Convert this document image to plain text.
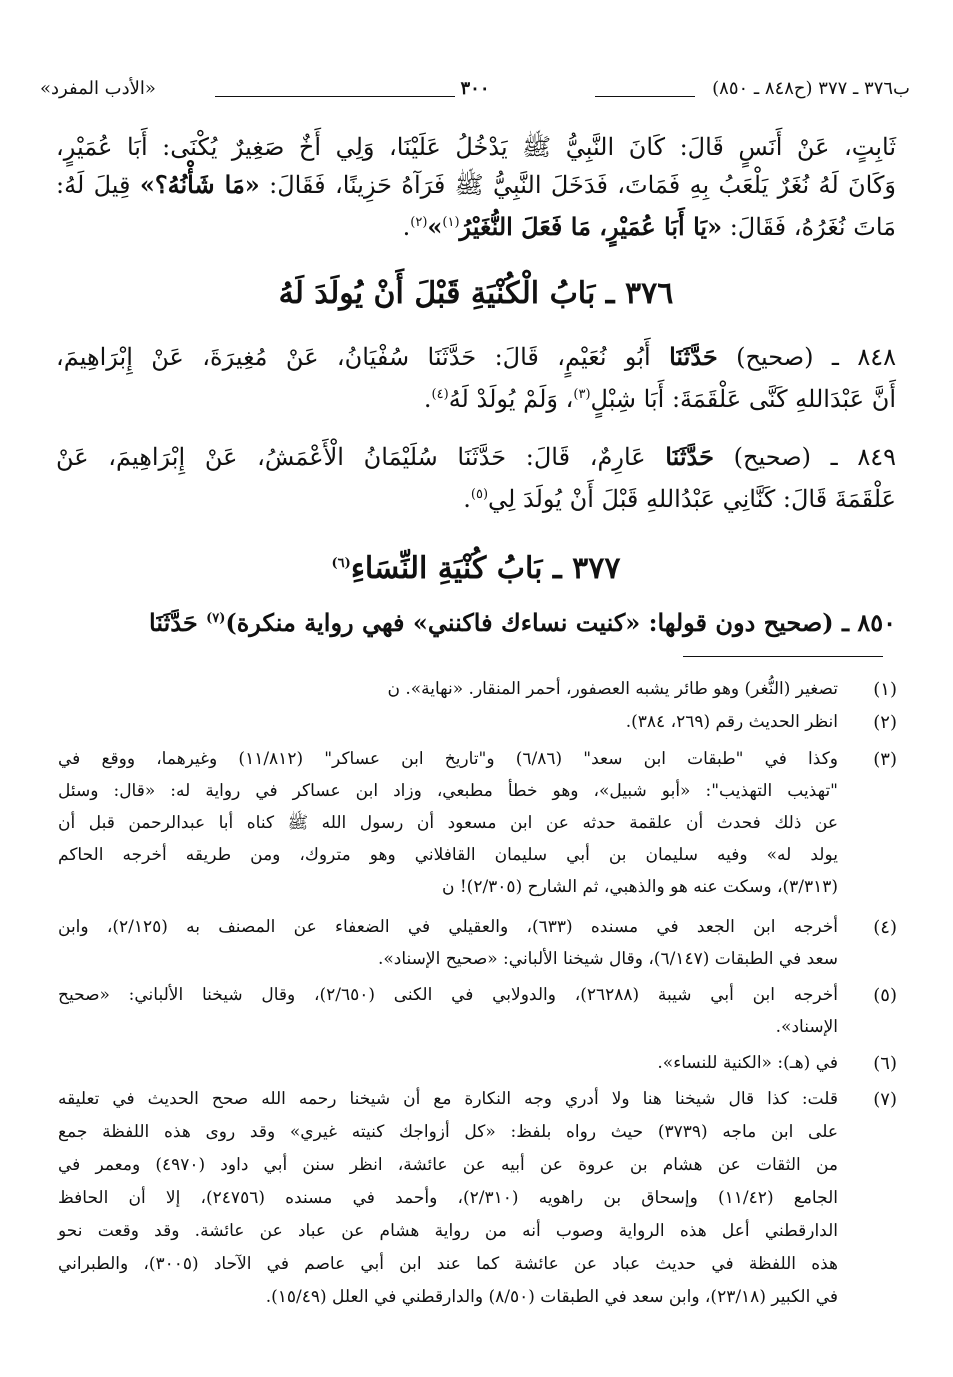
ب٣٧٦ ـ ٣٧٧ (ح٨٤٨ ـ ٨٥٠)
٣٠٠
«الأدب المفرد»
ثَابِتٍ، عَنْ أَنَسٍ قَالَ: كَانَ النَّبِيُّ ﷺ يَدْخُلُ عَلَيْنَا، وَلِي أَخٌ صَغِيرٌ يُكْنَى: أَبَا عُمَيْرٍ،
وَكَانَ لَهُ نُغَرٌ يَلْعَبُ بِهِ فَمَاتَ، فَدَخَلَ النَّبِيُّ ﷺ فَرَآهُ حَزِينًا، فَقَالَ: «مَا شَأْنُهُ؟» قِيلَ لَهُ:
مَاتَ نُغَرُهُ، فَقَالَ: «يَا أَبَا عُمَيْرٍ، مَا فَعَلَ النُّغَيْرُ$^{(١)}$»$^{(٢)}$.
٣٧٦ ـ بَابُ الْكُنْيَةِ قَبْلَ أَنْ يُولَدَ لَهُ
٨٤٨ ـ (صحيح) حَدَّثَنَا أَبُو نُعَيْمٍ، قَالَ: حَدَّثَنَا سُفْيَانُ، عَنْ مُغِيرَةَ، عَنْ إِبْرَاهِيمَ،
أَنَّ عَبْدَاللهِ كَنَّى عَلْقَمَةَ: أَبَا شِبْلٍ$^{(٣)}$، وَلَمْ يُولَدْ لَهُ$^{(٤)}$.
٨٤٩ ـ (صحيح) حَدَّثَنَا عَارِمٌ، قَالَ: حَدَّثَنَا سُلَيْمَانُ الْأَعْمَشُ، عَنْ إِبْرَاهِيمَ، عَنْ
عَلْقَمَةَ قَالَ: كَنَّانِي عَبْدُاللهِ قَبْلَ أَنْ يُولَدَ لِي$^{(٥)}$.
٣٧٧ ـ بَابُ كُنْيَةِ النِّسَاءِ$^{(٦)}$
٨٥٠ ـ (صحيح دون قولها: «كنيت نساءك فاكنني» فهي رواية منكرة)$^{(٧)}$ حَدَّثَنَا
(١)
تصغير (النُّغر) وهو طائر يشبه العصفور، أحمر المنقار. «نهاية». ن
(٢)
انظر الحديث رقم (٢٦٩، ٣٨٤).
(٣)
وكذا في "طبقات ابن سعد" (٦/٨٦) و"تاريخ ابن عساكر" (١١/٨١٢) وغيرهما، ووقع في
"تهذيب التهذيب": «أبو شبيل»، وهو خطأ مطبعي، وزاد ابن عساكر في رواية له: «قال: وسئل
عن ذلك فحدث أن علقمة حدثه عن ابن مسعود أن رسول الله ﷺ كناه أبا عبدالرحمن قبل أن
يولد له» وفيه سليمان بن أبي سليمان القافلاني وهو متروك، ومن طريقه أخرجه الحاكم
(٣/٣١٣)، وسكت عنه هو والذهبي، ثم الشارح (٢/٣٠٥)! ن
(٤)
أخرجه ابن الجعد في مسنده (٦٣٣)، والعقيلي في الضعفاء عن المصنف به (٢/١٢٥)، وابن
سعد في الطبقات (٦/١٤٧)، وقال شيخنا الألباني: «صحيح الإسناد».
(٥)
أخرجه ابن أبي شيبة (٢٦٢٨٨)، والدولابي في الكنى (٢/٦٥٠)، وقال شيخنا الألباني: «صحيح
الإسناد».
(٦)
في (هـ): «الكنية للنساء».
(٧)
قلت: كذا قال شيخنا هنا ولا أدري وجه النكارة مع أن شيخنا رحمه الله صحح الحديث في تعليقه
على ابن ماجه (٣٧٣٩) حيث رواه بلفظ: «كل أزواجك كنيته غيري» وقد روى هذه اللفظة جمع
من الثقات عن هشام بن عروة عن أبيه عن عائشة، انظر سنن أبي داود (٤٩٧٠) ومعمر في
الجامع (١١/٤٢) وإسحاق بن راهويه (٢/٣١٠)، وأحمد في مسنده (٢٤٧٥٦)، إلا أن الحافظ
الدارقطني أعل هذه الرواية وصوب أنه من رواية هشام عن عباد عن عائشة. وقد وقعت نحو
هذه اللفظة في حديث عباد عن عائشة كما عند ابن أبي عاصم في الآحاد (٣٠٠٥)، والطبراني
في الكبير (٢٣/١٨)، وابن سعد في الطبقات (٨/٥٠) والدارقطني في العلل (١٥/٤٩).
